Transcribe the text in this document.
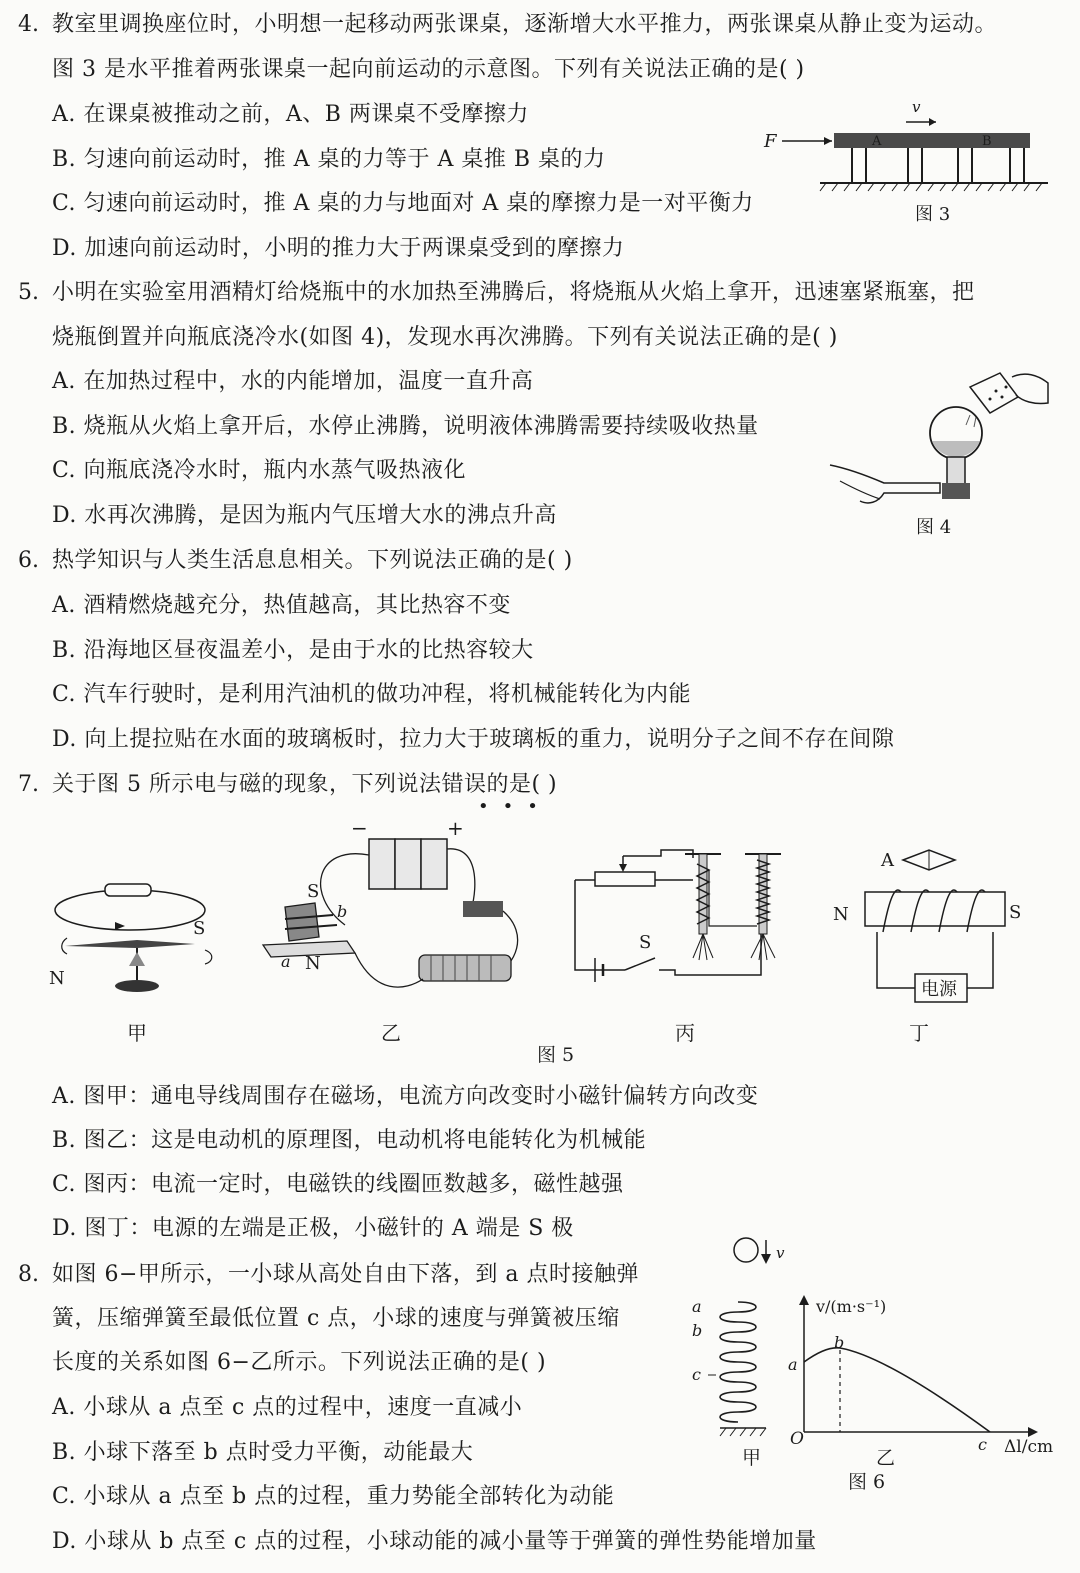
4. 教室里调换座位时，小明想一起移动两张课桌，逐渐增大水平推力，两张课桌从静止变为运动。
图 3 是水平推着两张课桌一起向前运动的示意图。下列有关说法正确的是( )
A. 在课桌被推动之前，A、B 两课桌不受摩擦力
B. 匀速向前运动时，推 A 桌的力等于 A 桌推 B 桌的力
C. 匀速向前运动时，推 A 桌的力与地面对 A 桌的摩擦力是一对平衡力
D. 加速向前运动时，小明的推力大于两课桌受到的摩擦力
F
v
A	B
图 3
5. 小明在实验室用酒精灯给烧瓶中的水加热至沸腾后，将烧瓶从火焰上拿开，迅速塞紧瓶塞，把
烧瓶倒置并向瓶底浇冷水(如图 4)，发现水再次沸腾。下列有关说法正确的是( )
A. 在加热过程中，水的内能增加，温度一直升高
B. 烧瓶从火焰上拿开后，水停止沸腾，说明液体沸腾需要持续吸收热量
C. 向瓶底浇冷水时，瓶内水蒸气吸热液化
D. 水再次沸腾，是因为瓶内气压增大水的沸点升高	图 4
6. 热学知识与人类生活息息相关。下列说法正确的是( )
A. 酒精燃烧越充分，热值越高，其比热容不变
B. 沿海地区昼夜温差小，是由于水的比热容较大
C. 汽车行驶时，是利用汽油机的做功冲程，将机械能转化为内能
D. 向上提拉贴在水面的玻璃板时，拉力大于玻璃板的重力，说明分子之间不存在间隙
7. 关于图 5 所示电与磁的现象，下列说法错误的是( )
•••
N
S
甲
−	+
S
b
a N
乙
S
丙
A
N	S
电源
丁
图 5
A. 图甲：通电导线周围存在磁场，电流方向改变时小磁针偏转方向改变
B. 图乙：这是电动机的原理图，电动机将电能转化为机械能
C. 图丙：电流一定时，电磁铁的线圈匝数越多，磁性越强
D. 图丁：电源的左端是正极，小磁针的 A 端是 S 极
8. 如图 6−甲所示，一小球从高处自由下落，到 a 点时接触弹
簧，压缩弹簧至最低位置 c 点，小球的速度与弹簧被压缩
长度的关系如图 6−乙所示。下列说法正确的是( )
A. 小球从 a 点至 c 点的过程中，速度一直减小
B. 小球下落至 b 点时受力平衡，动能最大
C. 小球从 a 点至 b 点的过程，重力势能全部转化为动能
D. 小球从 b 点至 c 点的过程，小球动能的减小量等于弹簧的弹性势能增加量
v
a
b
c
甲
v/(m·s⁻¹)
c Δl/cm
O
a
b
乙
图 6
